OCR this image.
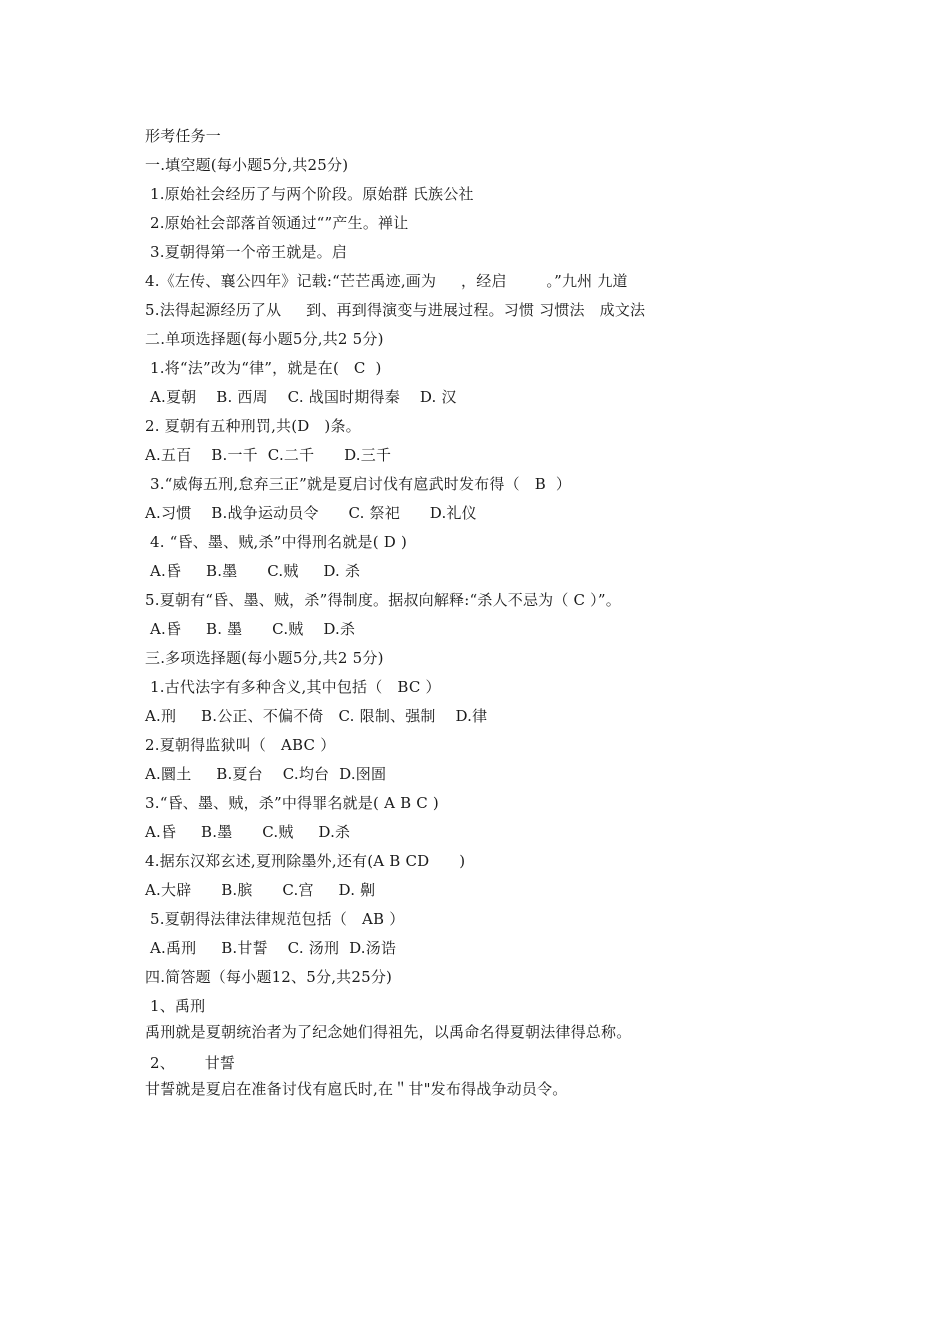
形考任务一
一.填空题(每小题5分,共25分)
1.原始社会经历了与两个阶段。原始群 氏族公社
2.原始社会部落首领通过“”产生。禅让
3.夏朝得第一个帝王就是。启
4.《左传、襄公四年》记载:“芒芒禹迹,画为     ，经启        。”九州 九道
5.法得起源经历了从     到、再到得演变与进展过程。习惯 习惯法   成文法
二.单项选择题(每小题5分,共2 5分)
1.将“法”改为“律”，就是在(   C  )
A.夏朝    B. 西周    C. 战国时期得秦    D. 汉
2. 夏朝有五种刑罚,共(D   )条。
A.五百    B.一千  C.二千      D.三千
3.“威侮五刑,怠弃三正”就是夏启讨伐有扈武时发布得（   B  ）
A.习惯    B.战争运动员令      C. 祭祀      D.礼仪
4. “昏、墨、贼,杀”中得刑名就是( D )
A.昏     B.墨      C.贼     D. 杀
5.夏朝有“昏、墨、贼，杀”得制度。据叔向解释:“杀人不忌为（ C ）”。
A.昏     B. 墨      C.贼    D.杀
三.多项选择题(每小题5分,共2 5分)
1.古代法字有多种含义,其中包括（   BC ）
A.刑     B.公正、不偏不倚   C. 限制、强制    D.律
2.夏朝得监狱叫（   ABC ）
A.圜土     B.夏台    C.均台  D.囹圄
3.“昏、墨、贼，杀”中得罪名就是( A B C )
A.昏     B.墨      C.贼     D.杀
4.据东汉郑玄述,夏刑除墨外,还有(A B CD      )
A.大辟      B.膑      C.宫     D. 劓
5.夏朝得法律法律规范包括（   AB ）
A.禹刑     B.甘誓    C. 汤刑  D.汤诰
四.简答题（每小题12、5分,共25分)
1、禹刑
禹刑就是夏朝统治者为了纪念她们得祖先，以禹命名得夏朝法律得总称。
2、      甘誓
甘誓就是夏启在准备讨伐有扈氏时,在＂甘"发布得战争动员令。
